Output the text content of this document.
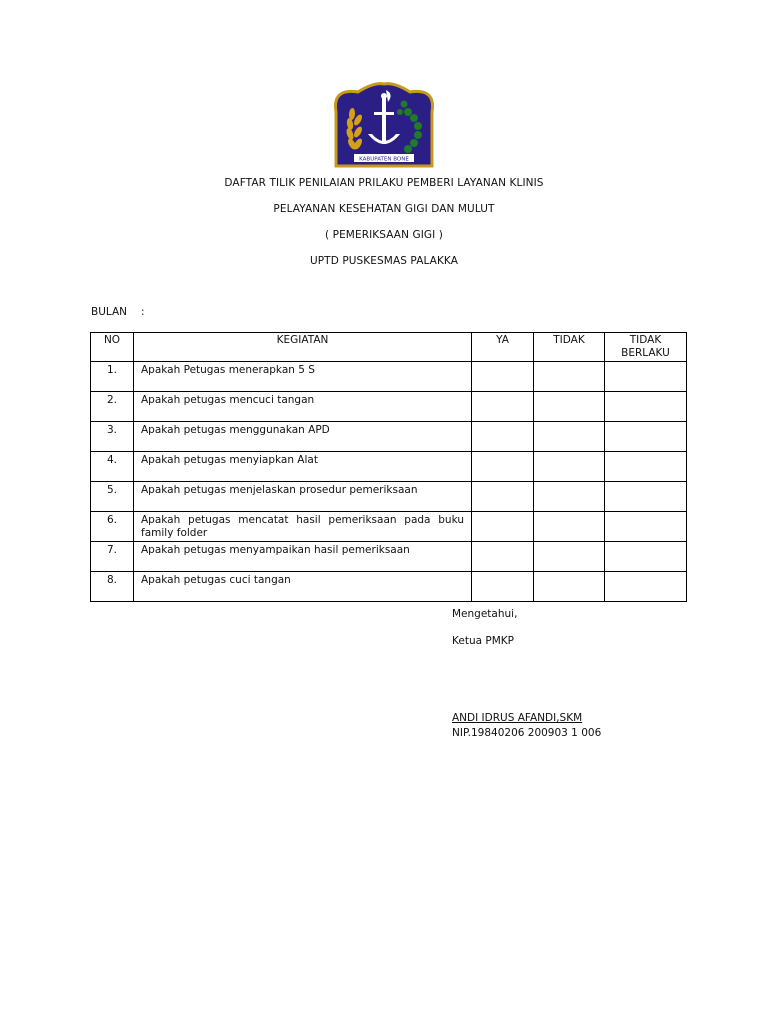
KABUPATEN BONE
DAFTAR TILIK PENILAIAN PRILAKU PEMBERI LAYANAN KLINIS
PELAYANAN KESEHATAN GIGI DAN MULUT
( PEMERIKSAAN GIGI )
UPTD PUSKESMAS PALAKKA
BULAN :
NO	KEGIATAN	YA	TIDAK	TIDAK BERLAKU
1.	Apakah Petugas menerapkan 5 S			
2.	Apakah petugas mencuci tangan			
3.	Apakah petugas menggunakan APD			
4.	Apakah petugas menyiapkan Alat			
5.	Apakah petugas menjelaskan prosedur pemeriksaan			
6.	Apakah petugas mencatat hasil pemeriksaan pada buku family folder			
7.	Apakah petugas menyampaikan hasil pemeriksaan			
8.	Apakah petugas cuci tangan			
Mengetahui,
Ketua PMKP
ANDI IDRUS AFANDI,SKM
NIP.19840206 200903 1 006
